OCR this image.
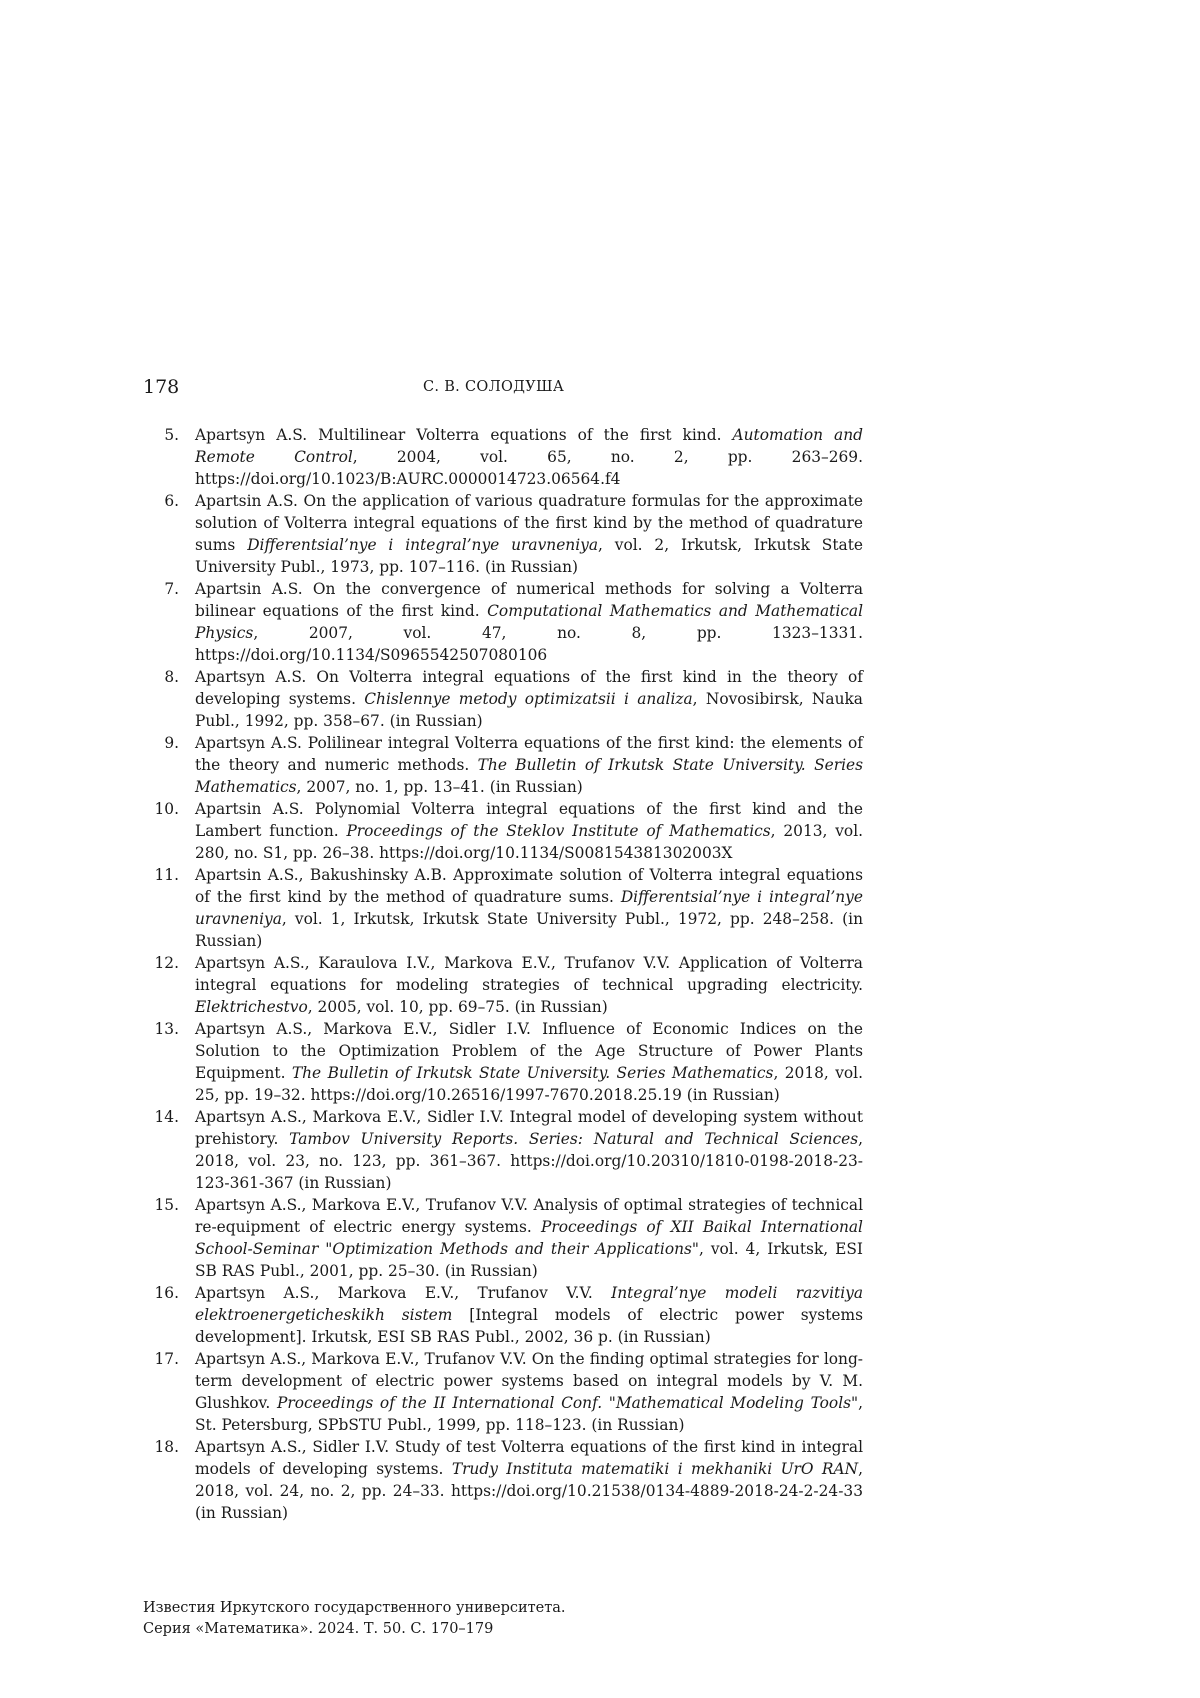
178	С. В. СОЛОДУША
5. Apartsyn A.S. Multilinear Volterra equations of the first kind. Automation and Remote Control, 2004, vol. 65, no. 2, pp. 263–269. https://doi.org/10.1023/B:AURC.0000014723.06564.f4
6. Apartsin A.S. On the application of various quadrature formulas for the approximate solution of Volterra integral equations of the first kind by the method of quadrature sums Differentsial’nye i integral’nye uravneniya, vol. 2, Irkutsk, Irkutsk State University Publ., 1973, pp. 107–116. (in Russian)
7. Apartsin A.S. On the convergence of numerical methods for solving a Volterra bilinear equations of the first kind. Computational Mathematics and Mathematical Physics, 2007, vol. 47, no. 8, pp. 1323–1331. https://doi.org/10.1134/S0965542507080106
8. Apartsyn A.S. On Volterra integral equations of the first kind in the theory of developing systems. Chislennye metody optimizatsii i analiza, Novosibirsk, Nauka Publ., 1992, pp. 358–67. (in Russian)
9. Apartsyn A.S. Polilinear integral Volterra equations of the first kind: the elements of the theory and numeric methods. The Bulletin of Irkutsk State University. Series Mathematics, 2007, no. 1, pp. 13–41. (in Russian)
10. Apartsin A.S. Polynomial Volterra integral equations of the first kind and the Lambert function. Proceedings of the Steklov Institute of Mathematics, 2013, vol. 280, no. S1, pp. 26–38. https://doi.org/10.1134/S008154381302003X
11. Apartsin A.S., Bakushinsky A.B. Approximate solution of Volterra integral equations of the first kind by the method of quadrature sums. Differentsial’nye i integral’nye uravneniya, vol. 1, Irkutsk, Irkutsk State University Publ., 1972, pp. 248–258. (in Russian)
12. Apartsyn A.S., Karaulova I.V., Markova E.V., Trufanov V.V. Application of Volterra integral equations for modeling strategies of technical upgrading electricity. Elektrichestvo, 2005, vol. 10, pp. 69–75. (in Russian)
13. Apartsyn A.S., Markova E.V., Sidler I.V. Influence of Economic Indices on the Solution to the Optimization Problem of the Age Structure of Power Plants Equipment. The Bulletin of Irkutsk State University. Series Mathematics, 2018, vol. 25, pp. 19–32. https://doi.org/10.26516/1997-7670.2018.25.19 (in Russian)
14. Apartsyn A.S., Markova E.V., Sidler I.V. Integral model of developing system without prehistory. Tambov University Reports. Series: Natural and Technical Sciences, 2018, vol. 23, no. 123, pp. 361–367. https://doi.org/10.20310/1810-0198-2018-23-123-361-367 (in Russian)
15. Apartsyn A.S., Markova E.V., Trufanov V.V. Analysis of optimal strategies of technical re-equipment of electric energy systems. Proceedings of XII Baikal International School-Seminar "Optimization Methods and their Applications", vol. 4, Irkutsk, ESI SB RAS Publ., 2001, pp. 25–30. (in Russian)
16. Apartsyn A.S., Markova E.V., Trufanov V.V. Integral’nye modeli razvitiya elektroenergeticheskikh sistem [Integral models of electric power systems development]. Irkutsk, ESI SB RAS Publ., 2002, 36 p. (in Russian)
17. Apartsyn A.S., Markova E.V., Trufanov V.V. On the finding optimal strategies for long-term development of electric power systems based on integral models by V. M. Glushkov. Proceedings of the II International Conf. "Mathematical Modeling Tools", St. Petersburg, SPbSTU Publ., 1999, pp. 118–123. (in Russian)
18. Apartsyn A.S., Sidler I.V. Study of test Volterra equations of the first kind in integral models of developing systems. Trudy Instituta matematiki i mekhaniki UrO RAN, 2018, vol. 24, no. 2, pp. 24–33. https://doi.org/10.21538/0134-4889-2018-24-2-24-33 (in Russian)
Известия Иркутского государственного университета.
Серия «Математика». 2024. Т. 50. С. 170–179
